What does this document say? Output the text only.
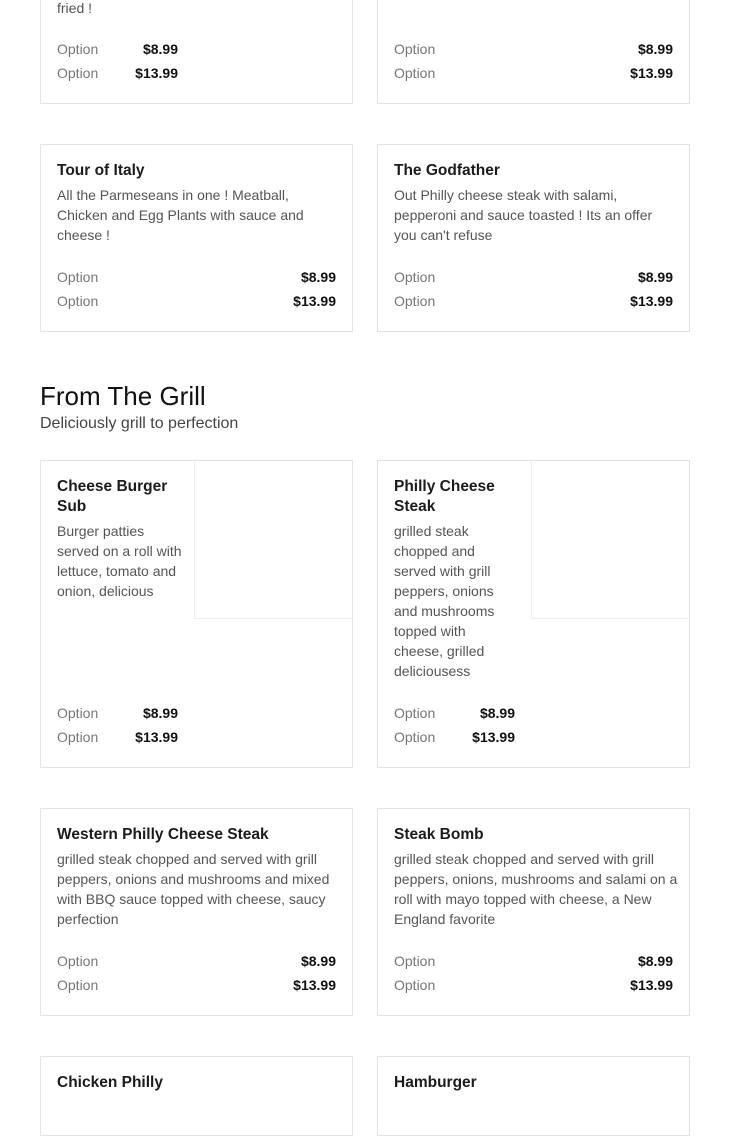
fried !
Option	$8.99
Option	$13.99
Option	$8.99
Option	$13.99
Tour of Italy
All the Parmeseans in one ! Meatball, Chicken and Egg Plants with sauce and cheese !
Option	$8.99
Option	$13.99
The Godfather
Out Philly cheese steak with salami, pepperoni and sauce toasted ! Its an offer you can't refuse
Option	$8.99
Option	$13.99
From The Grill
Deliciously grill to perfection
Cheese Burger Sub
Burger patties served on a roll with lettuce, tomato and onion, delicious
Option	$8.99
Option	$13.99
Philly Cheese Steak
grilled steak chopped and served with grill peppers, onions and mushrooms topped with cheese, grilled deliciousess
Option	$8.99
Option	$13.99
Western Philly Cheese Steak
grilled steak chopped and served with grill peppers, onions and mushrooms and mixed with BBQ sauce topped with cheese, saucy perfection
Option	$8.99
Option	$13.99
Steak Bomb
grilled steak chopped and served with grill peppers, onions, mushrooms and salami on a roll with mayo topped with cheese, a New England favorite
Option	$8.99
Option	$13.99
Chicken Philly	Hamburger
